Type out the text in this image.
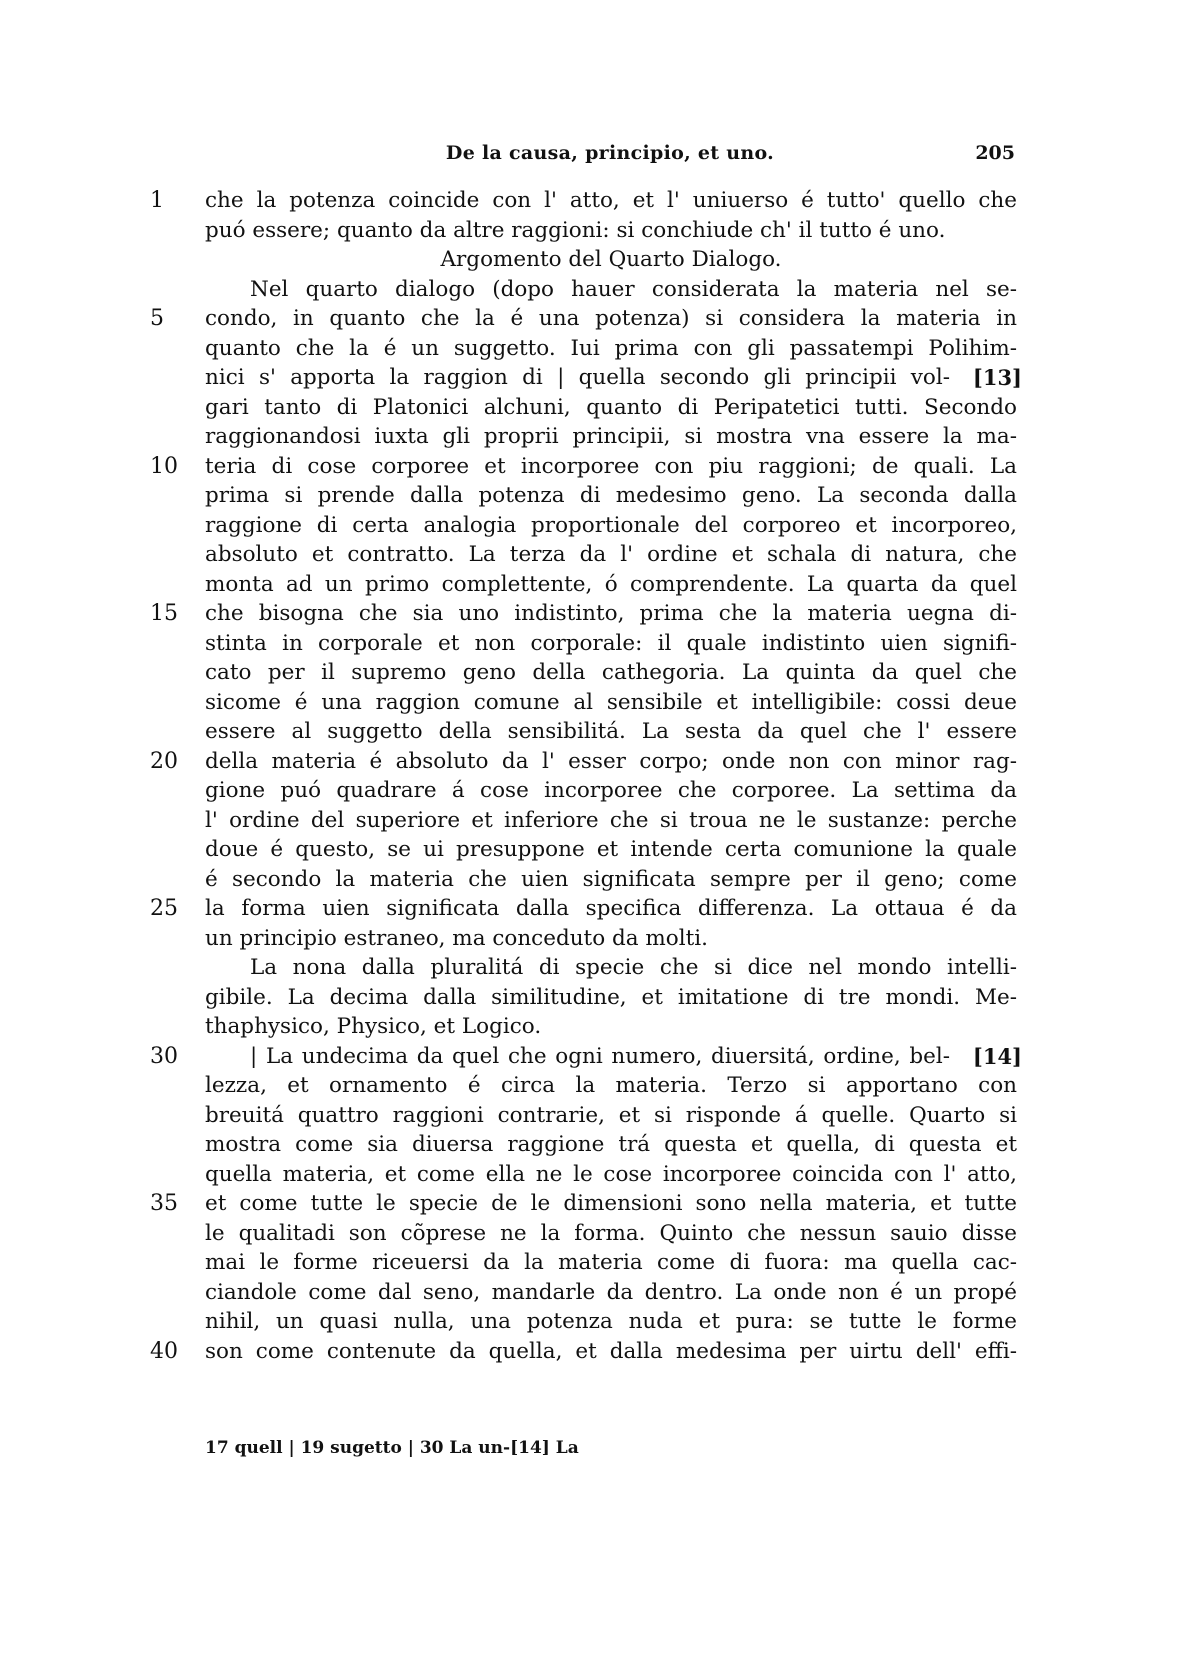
De la causa, principio, et uno.	205
1	che la potenza coincide con l' atto, et l' uniuerso é tutto' quello che
puó essere; quanto da altre raggioni: si conchiude ch' il tutto é uno.
Argomento del Quarto Dialogo.
Nel quarto dialogo (dopo hauer considerata la materia nel se-
5	condo, in quanto che la é una potenza) si considera la materia in
quanto che la é un suggetto. Iui prima con gli passatempi Polihim-
nici s' apporta la raggion di | quella secondo gli principii vol-	[13]
gari tanto di Platonici alchuni, quanto di Peripatetici tutti. Secondo
raggionandosi iuxta gli proprii principii, si mostra vna essere la ma-
10	teria di cose corporee et incorporee con piu raggioni; de quali. La
prima si prende dalla potenza di medesimo geno. La seconda dalla
raggione di certa analogia proportionale del corporeo et incorporeo,
absoluto et contratto. La terza da l' ordine et schala di natura, che
monta ad un primo complettente, ó comprendente. La quarta da quel
15	che bisogna che sia uno indistinto, prima che la materia uegna di-
stinta in corporale et non corporale: il quale indistinto uien signifi-
cato per il supremo geno della cathegoria. La quinta da quel che
sicome é una raggion comune al sensibile et intelligibile: cossi deue
essere al suggetto della sensibilitá. La sesta da quel che l' essere
20	della materia é absoluto da l' esser corpo; onde non con minor rag-
gione puó quadrare á cose incorporee che corporee. La settima da
l' ordine del superiore et inferiore che si troua ne le sustanze: perche
doue é questo, se ui presuppone et intende certa comunione la quale
é secondo la materia che uien significata sempre per il geno; come
25	la forma uien significata dalla specifica differenza. La ottaua é da
un principio estraneo, ma conceduto da molti.
La nona dalla pluralitá di specie che si dice nel mondo intelli-
gibile. La decima dalla similitudine, et imitatione di tre mondi. Me-
thaphysico, Physico, et Logico.
30	| La undecima da quel che ogni numero, diuersitá, ordine, bel-	[14]
lezza, et ornamento é circa la materia. Terzo si apportano con
breuitá quattro raggioni contrarie, et si risponde á quelle. Quarto si
mostra come sia diuersa raggione trá questa et quella, di questa et
quella materia, et come ella ne le cose incorporee coincida con l' atto,
35	et come tutte le specie de le dimensioni sono nella materia, et tutte
le qualitadi son cõprese ne la forma. Quinto che nessun sauio disse
mai le forme riceuersi da la materia come di fuora: ma quella cac-
ciandole come dal seno, mandarle da dentro. La onde non é un propé
nihil, un quasi nulla, una potenza nuda et pura: se tutte le forme
40	son come contenute da quella, et dalla medesima per uirtu dell' effi-
17 quell | 19 sugetto | 30 La un-[14] La
